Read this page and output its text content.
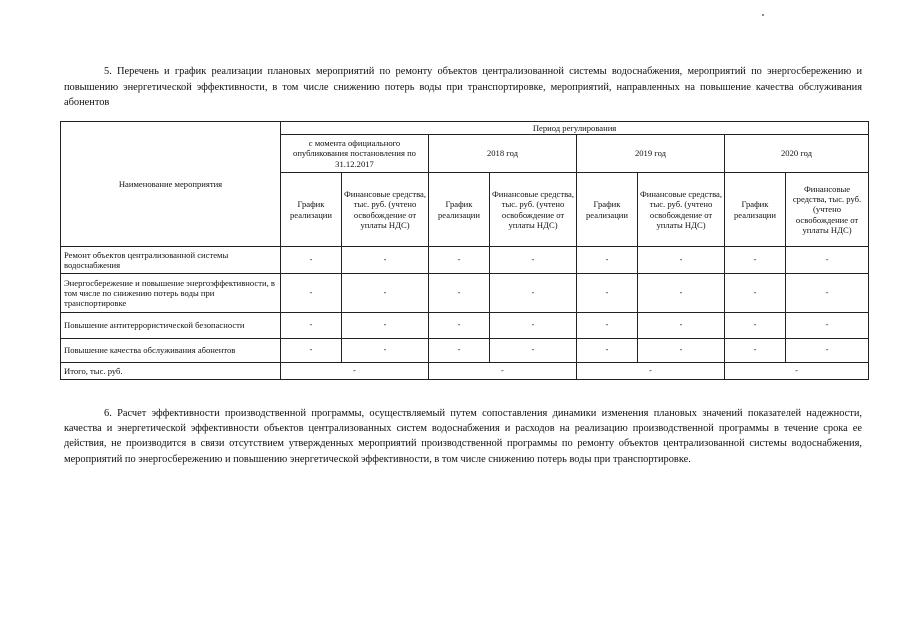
5. Перечень и график реализации плановых мероприятий по ремонту объектов централизованной системы водоснабжения, мероприятий по энергосбережению и повышению энергетической эффективности, в том числе снижению потерь воды при транспортировке, мероприятий, направленных на повышение качества обслуживания абонентов

Наименование мероприятия	Период регулирования							
	с момента официального опубликования постановления по 31.12.2017		2018 год		2019 год		2020 год	
	График реализации	Финансовые средства, тыс. руб. (учтено освобождение от уплаты НДС)	График реализации	Финансовые средства, тыс. руб. (учтено освобождение от уплаты НДС)	График реализации	Финансовые средства, тыс. руб. (учтено освобождение от уплаты НДС)	График реализации	Финансовые средства, тыс. руб. (учтено освобождение от уплаты НДС)
Ремонт объектов централизованной системы водоснабжения	-	-	-	-	-	-	-	-
Энергосбережение и повышение энергоэффективности, в том числе по снижению потерь воды при транспортировке	-	-	-	-	-	-	-	-
Повышение антитеррористической безопасности	-	-	-	-	-	-	-	-
Повышение качества обслуживания абонентов	-	-	-	-	-	-	-	-
Итого, тыс. руб.	-		-		-		-	

6. Расчет эффективности производственной программы, осуществляемый путем сопоставления динамики изменения плановых значений показателей надежности, качества и энергетической эффективности объектов централизованных систем водоснабжения и расходов на реализацию производственной программы в течение срока ее действия, не производится в связи отсутствием утвержденных мероприятий производственной программы по ремонту объектов централизованной системы водоснабжения, мероприятий по энергосбережению и повышению энергетической эффективности, в том числе снижению потерь воды при транспортировке.
